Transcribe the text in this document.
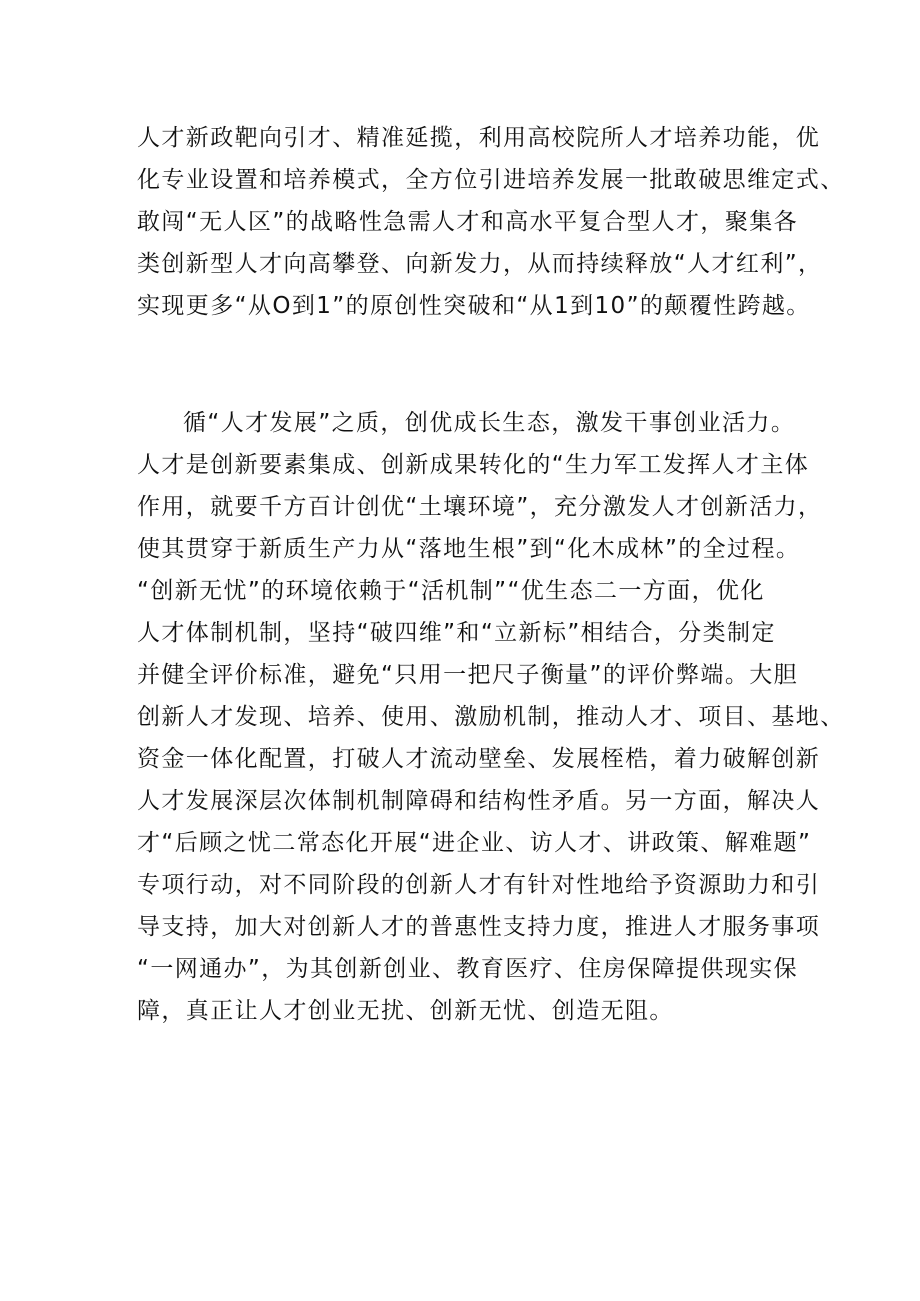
人才新政靶向引才、精准延揽，利用高校院所人才培养功能，优
化专业设置和培养模式，全方位引进培养发展一批敢破思维定式、
敢闯“无人区”的战略性急需人才和高水平复合型人才，聚集各
类创新型人才向高攀登、向新发力，从而持续释放“人才红利”，
实现更多“从O到1”的原创性突破和“从1到10”的颠覆性跨越。
循“人才发展”之质，创优成长生态，激发干事创业活力。
人才是创新要素集成、创新成果转化的“生力军工发挥人才主体
作用，就要千方百计创优“土壤环境”，充分激发人才创新活力，
使其贯穿于新质生产力从“落地生根”到“化木成林”的全过程。
“创新无忧”的环境依赖于“活机制”“优生态二一方面，优化
人才体制机制，坚持“破四维”和“立新标”相结合，分类制定
并健全评价标准，避免“只用一把尺子衡量”的评价弊端。大胆
创新人才发现、培养、使用、激励机制，推动人才、项目、基地、
资金一体化配置，打破人才流动壁垒、发展桎梏，着力破解创新
人才发展深层次体制机制障碍和结构性矛盾。另一方面，解决人
才“后顾之忧二常态化开展“进企业、访人才、讲政策、解难题”
专项行动，对不同阶段的创新人才有针对性地给予资源助力和引
导支持，加大对创新人才的普惠性支持力度，推进人才服务事项
“一网通办”，为其创新创业、教育医疗、住房保障提供现实保
障，真正让人才创业无扰、创新无忧、创造无阻。
